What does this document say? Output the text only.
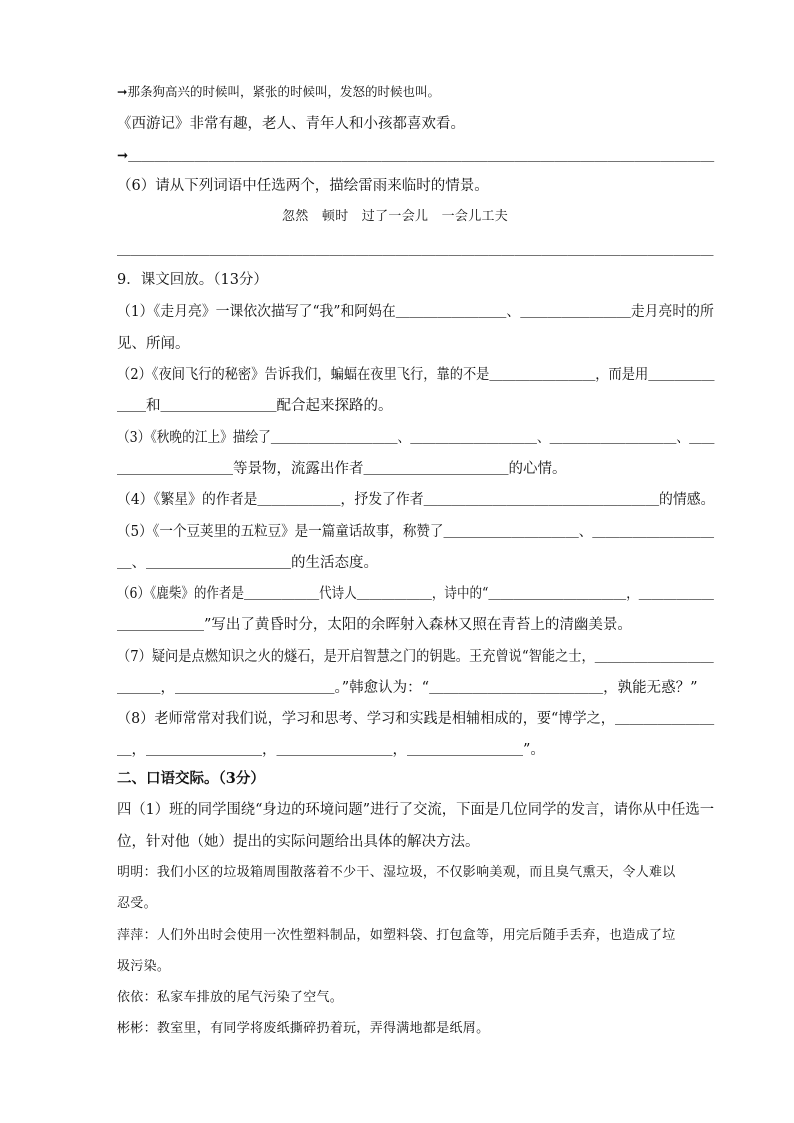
➞那条狗高兴的时候叫，紧张的时候叫，发怒的时候也叫。
《西游记》非常有趣，老人、青年人和小孩都喜欢看。
➞＿＿＿＿＿＿＿＿＿＿＿＿＿＿＿＿＿＿＿＿＿＿＿＿＿＿＿＿＿＿＿＿＿＿＿＿＿＿＿＿＿＿＿＿
（6）请从下列词语中任选两个，描绘雷雨来临时的情景。
忽然　顿时　过了一会儿　一会儿工夫
＿＿＿＿＿＿＿＿＿＿＿＿＿＿＿＿＿＿＿＿＿＿＿＿＿＿＿＿＿＿＿＿＿＿＿＿＿＿＿＿＿＿＿＿＿
9．课文回放。（13分）
（1）《走月亮》一课依次描写了“我”和阿妈在＿＿＿＿＿＿＿＿、＿＿＿＿＿＿＿＿走月亮时的所
见、所闻。
（2）《夜间飞行的秘密》告诉我们，蝙蝠在夜里飞行，靠的不是＿＿＿＿＿＿＿＿，而是用＿＿＿＿＿
＿＿和＿＿＿＿＿＿＿＿配合起来探路的。
（3）《秋晚的江上》描绘了＿＿＿＿＿＿＿＿＿＿、＿＿＿＿＿＿＿＿＿＿、＿＿＿＿＿＿＿＿＿＿、＿＿
＿＿＿＿＿＿＿＿等景物，流露出作者＿＿＿＿＿＿＿＿＿＿的心情。
（4）《繁星》的作者是＿＿＿＿＿＿，抒发了作者＿＿＿＿＿＿＿＿＿＿＿＿＿＿＿＿＿的情感。
（5）《一个豆荚里的五粒豆》是一篇童话故事，称赞了＿＿＿＿＿＿＿＿＿＿、＿＿＿＿＿＿＿＿＿
＿、＿＿＿＿＿＿＿＿＿＿的生活态度。
（6）《鹿柴》的作者是＿＿＿＿＿＿代诗人＿＿＿＿＿＿，诗中的“＿＿＿＿＿＿＿＿＿＿＿，＿＿＿＿＿＿
＿＿＿＿＿＿”写出了黄昏时分，太阳的余晖射入森林又照在青苔上的清幽美景。
（7）疑问是点燃知识之火的燧石，是开启智慧之门的钥匙。王充曾说“智能之士，＿＿＿＿＿＿＿＿＿
＿＿＿，＿＿＿＿＿＿＿＿＿＿＿。”韩愈认为：“＿＿＿＿＿＿＿＿＿＿＿＿，孰能无惑？”
（8）老师常常对我们说，学习和思考、学习和实践是相辅相成的，要“博学之，＿＿＿＿＿＿＿
＿，＿＿＿＿＿＿＿＿，＿＿＿＿＿＿＿＿，＿＿＿＿＿＿＿＿”。
二、口语交际。（3分）
四（1）班的同学围绕“身边的环境问题”进行了交流，下面是几位同学的发言，请你从中任选一
位，针对他（她）提出的实际问题给出具体的解决方法。
明明：我们小区的垃圾箱周围散落着不少干、湿垃圾，不仅影响美观，而且臭气熏天，令人难以
忍受。
萍萍：人们外出时会使用一次性塑料制品，如塑料袋、打包盒等，用完后随手丢弃，也造成了垃
圾污染。
依依：私家车排放的尾气污染了空气。
彬彬：教室里，有同学将废纸撕碎扔着玩，弄得满地都是纸屑。
